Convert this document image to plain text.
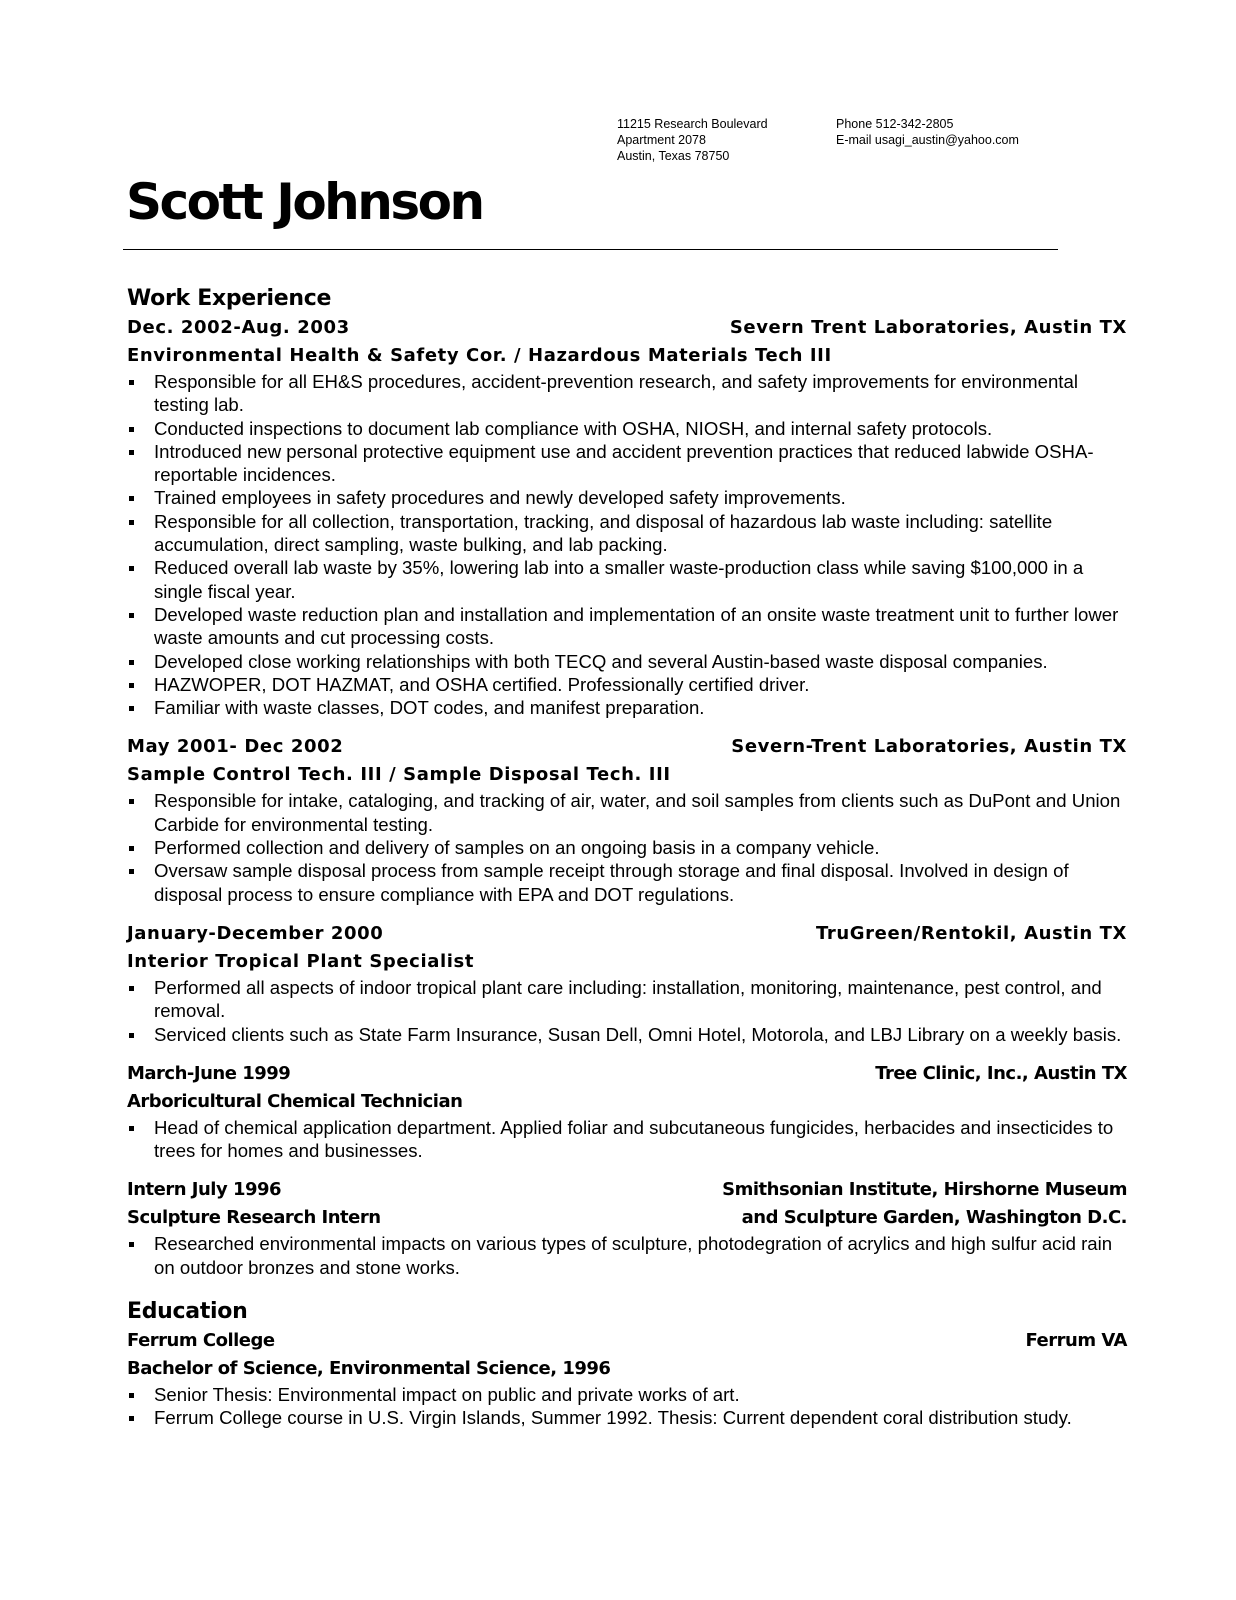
11215 Research Boulevard
Apartment 2078
Austin, Texas 78750
Phone 512-342-2805
E-mail usagi_austin@yahoo.com
Scott Johnson
Work Experience
Dec. 2002-Aug. 2003	Severn Trent Laboratories, Austin TX
Environmental Health & Safety Cor. / Hazardous Materials Tech III
Responsible for all EH&S procedures, accident-prevention research, and safety improvements for environmental testing lab.
Conducted inspections to document lab compliance with OSHA, NIOSH, and internal safety protocols.
Introduced new personal protective equipment use and accident prevention practices that reduced labwide OSHA-reportable incidences.
Trained employees in safety procedures and newly developed safety improvements.
Responsible for all collection, transportation, tracking, and disposal of hazardous lab waste including: satellite accumulation, direct sampling, waste bulking, and lab packing.
Reduced overall lab waste by 35%, lowering lab into a smaller waste-production class while saving $100,000 in a single fiscal year.
Developed waste reduction plan and installation and implementation of an onsite waste treatment unit to further lower waste amounts and cut processing costs.
Developed close working relationships with both TECQ and several Austin-based waste disposal companies.
HAZWOPER, DOT HAZMAT, and OSHA certified. Professionally certified driver.
Familiar with waste classes, DOT codes, and manifest preparation.
May 2001- Dec 2002	Severn-Trent Laboratories, Austin TX
Sample Control Tech. III / Sample Disposal Tech. III
Responsible for intake, cataloging, and tracking of air, water, and soil samples from clients such as DuPont and Union Carbide for environmental testing.
Performed collection and delivery of samples on an ongoing basis in a company vehicle.
Oversaw sample disposal process from sample receipt through storage and final disposal. Involved in design of disposal process to ensure compliance with EPA and DOT regulations.
January-December 2000	TruGreen/Rentokil, Austin TX
Interior Tropical Plant Specialist
Performed all aspects of indoor tropical plant care including: installation, monitoring, maintenance, pest control, and removal.
Serviced clients such as State Farm Insurance, Susan Dell, Omni Hotel, Motorola, and LBJ Library on a weekly basis.
March-June 1999	Tree Clinic, Inc., Austin TX
Arboricultural Chemical Technician
Head of chemical application department. Applied foliar and subcutaneous fungicides, herbacides and insecticides to trees for homes and businesses.
Intern July 1996	Smithsonian Institute, Hirshorne Museum
Sculpture Research Intern	and Sculpture Garden, Washington D.C.
Researched environmental impacts on various types of sculpture, photodegration of acrylics and high sulfur acid rain on outdoor bronzes and stone works.
Education
Ferrum College	Ferrum VA
Bachelor of Science, Environmental Science, 1996
Senior Thesis: Environmental impact on public and private works of art.
Ferrum College course in U.S. Virgin Islands, Summer 1992. Thesis: Current dependent coral distribution study.
